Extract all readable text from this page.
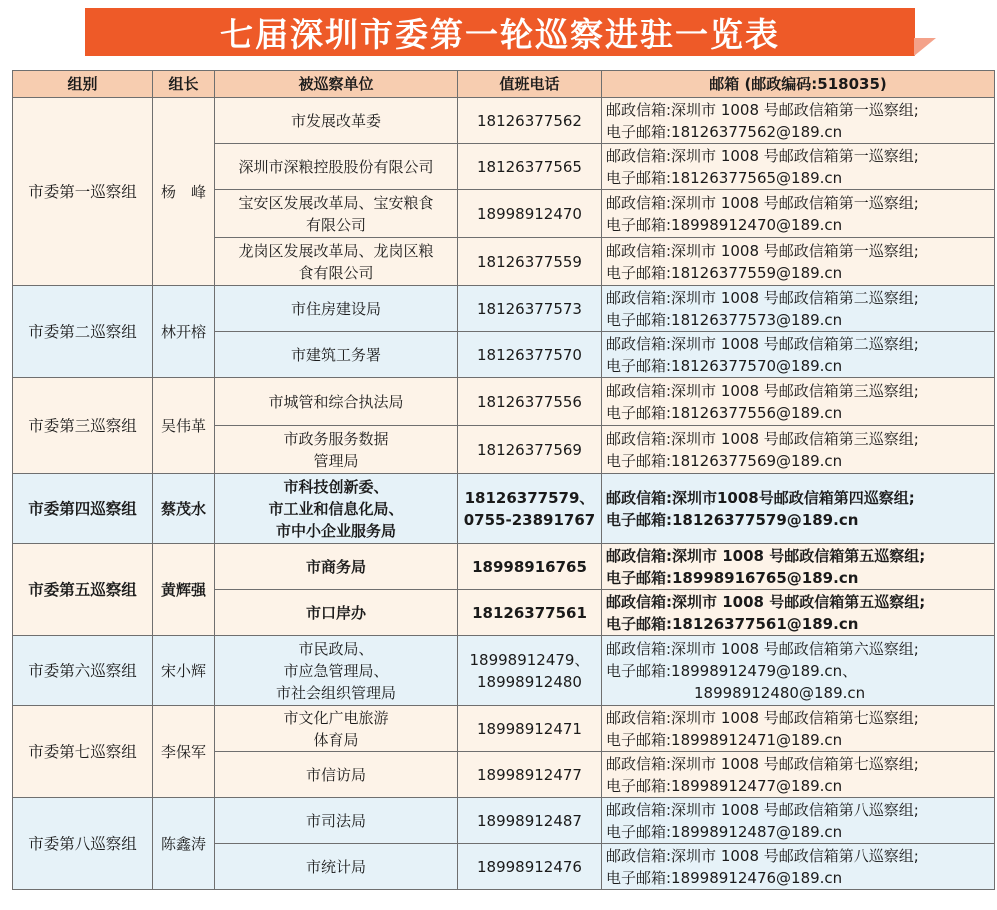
七届深圳市委第一轮巡察进驻一览表
组别	组长	被巡察单位	值班电话	邮箱 (邮政编码:518035)
市委第一巡察组	杨　峰	市发展改革委	18126377562	邮政信箱:深圳市 1008 号邮政信箱第一巡察组;
电子邮箱:18126377562@189.cn

		深圳市深粮控股股份有限公司	18126377565	邮政信箱:深圳市 1008 号邮政信箱第一巡察组;
电子邮箱:18126377565@189.cn

		宝安区发展改革局、宝安粮食
有限公司	18998912470	邮政信箱:深圳市 1008 号邮政信箱第一巡察组;
电子邮箱:18998912470@189.cn

		龙岗区发展改革局、龙岗区粮
食有限公司	18126377559	邮政信箱:深圳市 1008 号邮政信箱第一巡察组;
电子邮箱:18126377559@189.cn

市委第二巡察组	林开榕	市住房建设局	18126377573	邮政信箱:深圳市 1008 号邮政信箱第二巡察组;
电子邮箱:18126377573@189.cn

		市建筑工务署	18126377570	邮政信箱:深圳市 1008 号邮政信箱第二巡察组;
电子邮箱:18126377570@189.cn

市委第三巡察组	吴伟革	市城管和综合执法局	18126377556	邮政信箱:深圳市 1008 号邮政信箱第三巡察组;
电子邮箱:18126377556@189.cn

		市政务服务数据
管理局	18126377569	邮政信箱:深圳市 1008 号邮政信箱第三巡察组;
电子邮箱:18126377569@189.cn

市委第四巡察组	蔡茂水	市科技创新委、
市工业和信息化局、
市中小企业服务局	18126377579、
0755-23891767	邮政信箱:深圳市1008号邮政信箱第四巡察组;
电子邮箱:18126377579@189.cn

市委第五巡察组	黄辉强	市商务局	18998916765	邮政信箱:深圳市 1008 号邮政信箱第五巡察组;
电子邮箱:18998916765@189.cn

		市口岸办	18126377561	邮政信箱:深圳市 1008 号邮政信箱第五巡察组;
电子邮箱:18126377561@189.cn

市委第六巡察组	宋小辉	市民政局、
市应急管理局、
市社会组织管理局	18998912479、
18998912480	邮政信箱:深圳市 1008 号邮政信箱第六巡察组;
电子邮箱:18998912479@189.cn、
18998912480@189.cn

市委第七巡察组	李保军	市文化广电旅游
体育局	18998912471	邮政信箱:深圳市 1008 号邮政信箱第七巡察组;
电子邮箱:18998912471@189.cn

		市信访局	18998912477	邮政信箱:深圳市 1008 号邮政信箱第七巡察组;
电子邮箱:18998912477@189.cn

市委第八巡察组	陈鑫涛	市司法局	18998912487	邮政信箱:深圳市 1008 号邮政信箱第八巡察组;
电子邮箱:18998912487@189.cn

		市统计局	18998912476	邮政信箱:深圳市 1008 号邮政信箱第八巡察组;
电子邮箱:18998912476@189.cn
